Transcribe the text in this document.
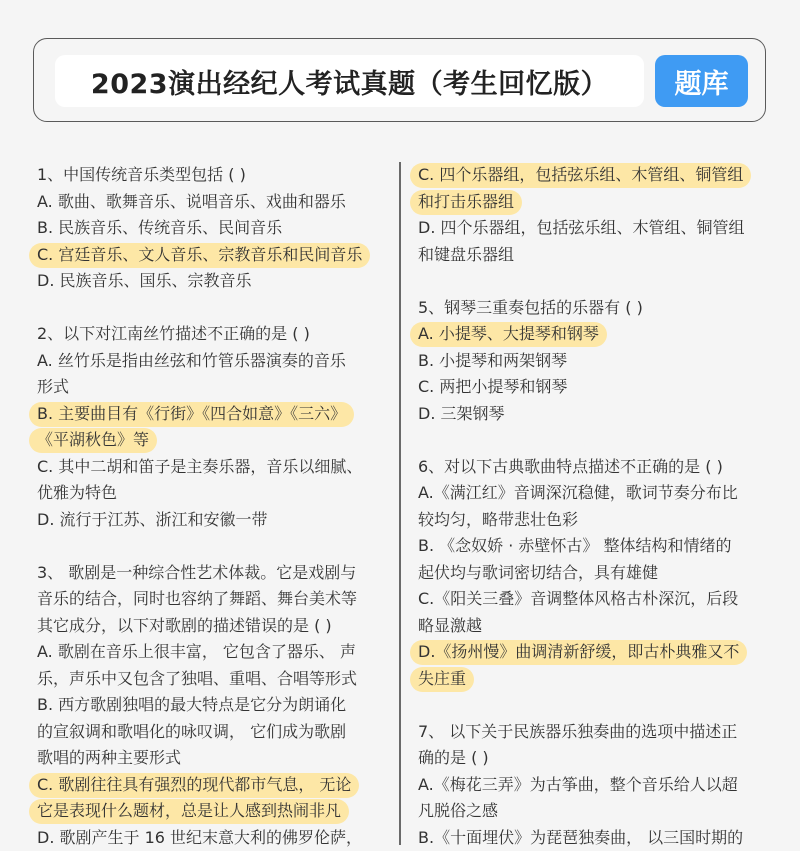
2023演出经纪人考试真题（考生回忆版）	题库
1、中国传统音乐类型包括 ( )
A. 歌曲、歌舞音乐、说唱音乐、戏曲和器乐
B. 民族音乐、传统音乐、民间音乐
C. 宫廷音乐、文人音乐、宗教音乐和民间音乐
D. 民族音乐、国乐、宗教音乐
2、以下对江南丝竹描述不正确的是 ( )
A. 丝竹乐是指由丝弦和竹管乐器演奏的音乐
形式
B. 主要曲目有《行街》《四合如意》《三六》
《平湖秋色》等
C. 其中二胡和笛子是主奏乐器，音乐以细腻、
优雅为特色
D. 流行于江苏、浙江和安徽一带
3、 歌剧是一种综合性艺术体裁。它是戏剧与
音乐的结合，同时也容纳了舞蹈、舞台美术等
其它成分，以下对歌剧的描述错误的是 ( )
A. 歌剧在音乐上很丰富， 它包含了器乐、 声
乐，声乐中又包含了独唱、重唱、合唱等形式
B. 西方歌剧独唱的最大特点是它分为朗诵化
的宣叙调和歌唱化的咏叹调， 它们成为歌剧
歌唱的两种主要形式
C. 歌剧往往具有强烈的现代都市气息， 无论
它是表现什么题材，总是让人感到热闹非凡
D. 歌剧产生于 16 世纪末意大利的佛罗伦萨，
C. 四个乐器组，包括弦乐组、木管组、铜管组
和打击乐器组
D. 四个乐器组，包括弦乐组、木管组、铜管组
和键盘乐器组
5、钢琴三重奏包括的乐器有 ( )
A. 小提琴、大提琴和钢琴
B. 小提琴和两架钢琴
C. 两把小提琴和钢琴
D. 三架钢琴
6、对以下古典歌曲特点描述不正确的是 ( )
A.《满江红》音调深沉稳健，歌词节奏分布比
较均匀，略带悲壮色彩
B. 《念奴娇 · 赤壁怀古》 整体结构和情绪的
起伏均与歌词密切结合，具有雄健
C.《阳关三叠》音调整体风格古朴深沉，后段
略显激越
D.《扬州慢》曲调清新舒缓，即古朴典雅又不
失庄重
7、 以下关于民族器乐独奏曲的选项中描述正
确的是 ( )
A.《梅花三弄》为古筝曲，整个音乐给人以超
凡脱俗之感
B.《十面埋伏》为琵琶独奏曲， 以三国时期的
